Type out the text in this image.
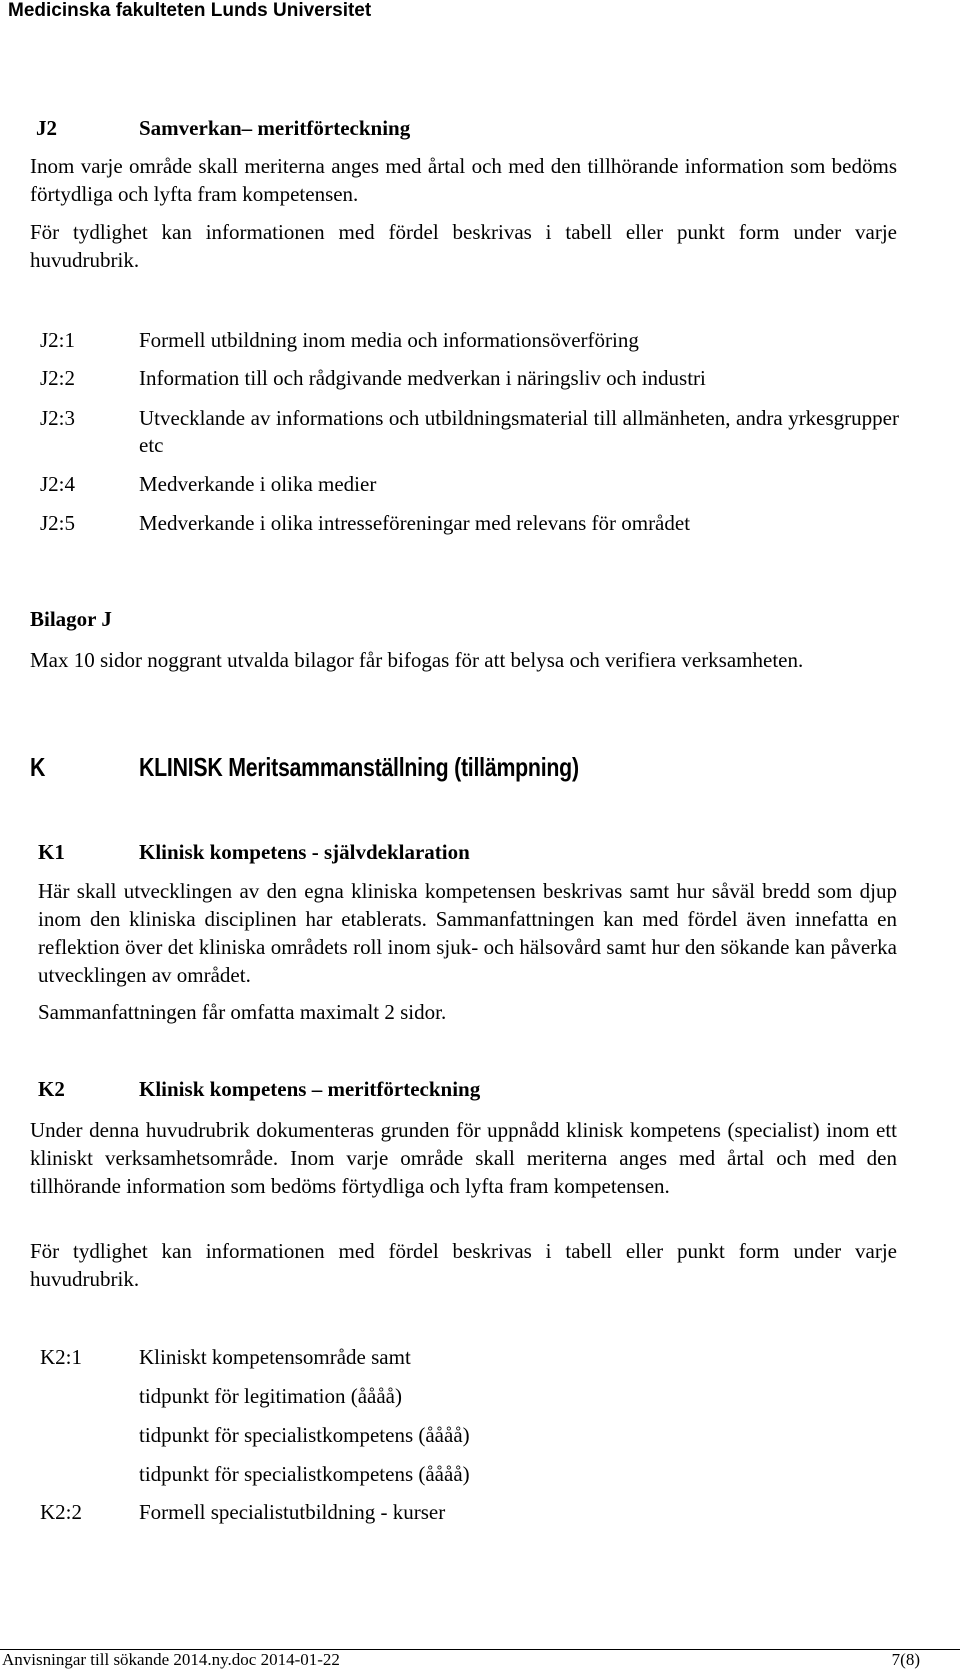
Medicinska fakulteten Lunds Universitet
J2	Samverkan– meritförteckning
Inom varje område skall meriterna anges med årtal och med den tillhörande information som bedöms förtydliga och lyfta fram kompetensen.
För tydlighet kan informationen med fördel beskrivas i tabell eller punkt form under varje huvudrubrik.
J2:1	Formell utbildning inom media och informationsöverföring
J2:2	Information till och rådgivande medverkan i näringsliv och industri
J2:3	Utvecklande av informations och utbildningsmaterial till allmänheten, andra yrkesgrupper etc
J2:4	Medverkande i olika medier
J2:5	Medverkande i olika intresseföreningar med relevans för området
Bilagor J
Max 10 sidor noggrant utvalda bilagor får bifogas för att belysa och verifiera verksamheten.
K	KLINISK Meritsammanställning (tillämpning)
K1	Klinisk kompetens - självdeklaration
Här skall utvecklingen av den egna kliniska kompetensen beskrivas samt hur såväl bredd som djup inom den kliniska disciplinen har etablerats. Sammanfattningen kan med fördel även innefatta en reflektion över det kliniska områdets roll inom sjuk- och hälsovård samt hur den sökande kan påverka utvecklingen av området.
Sammanfattningen får omfatta maximalt 2 sidor.
K2	Klinisk kompetens – meritförteckning
Under denna huvudrubrik dokumenteras grunden för uppnådd klinisk kompetens (specialist) inom ett kliniskt verksamhetsområde. Inom varje område skall meriterna anges med årtal och med den tillhörande information som bedöms förtydliga och lyfta fram kompetensen.
För tydlighet kan informationen med fördel beskrivas i tabell eller punkt form under varje huvudrubrik.
K2:1	Kliniskt kompetensområde samt
tidpunkt för legitimation (åååå)
tidpunkt för specialistkompetens (åååå)
tidpunkt för specialistkompetens (åååå)
K2:2	Formell specialistutbildning - kurser
Anvisningar till sökande 2014.ny.doc 2014-01-22	7(8)
